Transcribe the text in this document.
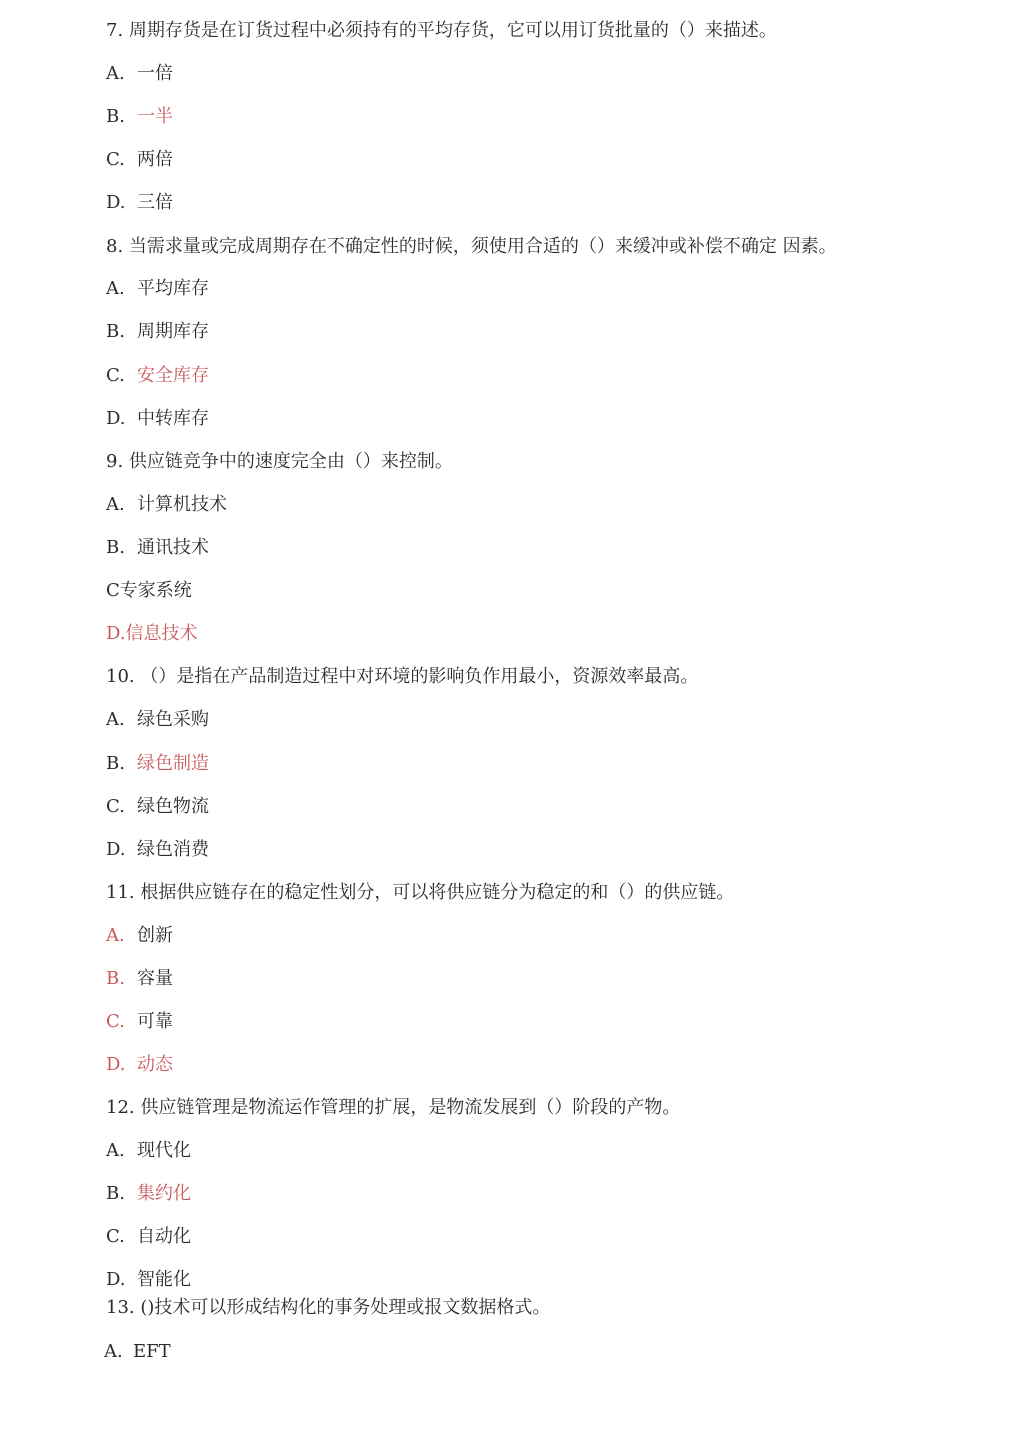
7. 周期存货是在订货过程中必须持有的平均存货，它可以用订货批量的（）来描述。
A. 一倍
B. 一半
C. 两倍
D. 三倍
8. 当需求量或完成周期存在不确定性的时候，须使用合适的（）来缓冲或补偿不确定 因素。
A. 平均库存
B. 周期库存
C. 安全库存
D. 中转库存
9. 供应链竞争中的速度完全由（）来控制。
A. 计算机技术
B. 通讯技术
C专家系统
D.信息技术
10. （）是指在产品制造过程中对环境的影响负作用最小，资源效率最高。
A. 绿色采购
B. 绿色制造
C. 绿色物流
D. 绿色消费
11. 根据供应链存在的稳定性划分，可以将供应链分为稳定的和（）的供应链。
A. 创新
B. 容量
C. 可靠
D. 动态
12. 供应链管理是物流运作管理的扩展，是物流发展到（）阶段的产物。
A. 现代化
B. 集约化
C. 自动化
D. 智能化
13. ()技术可以形成结构化的事务处理或报文数据格式。
A. EFT
